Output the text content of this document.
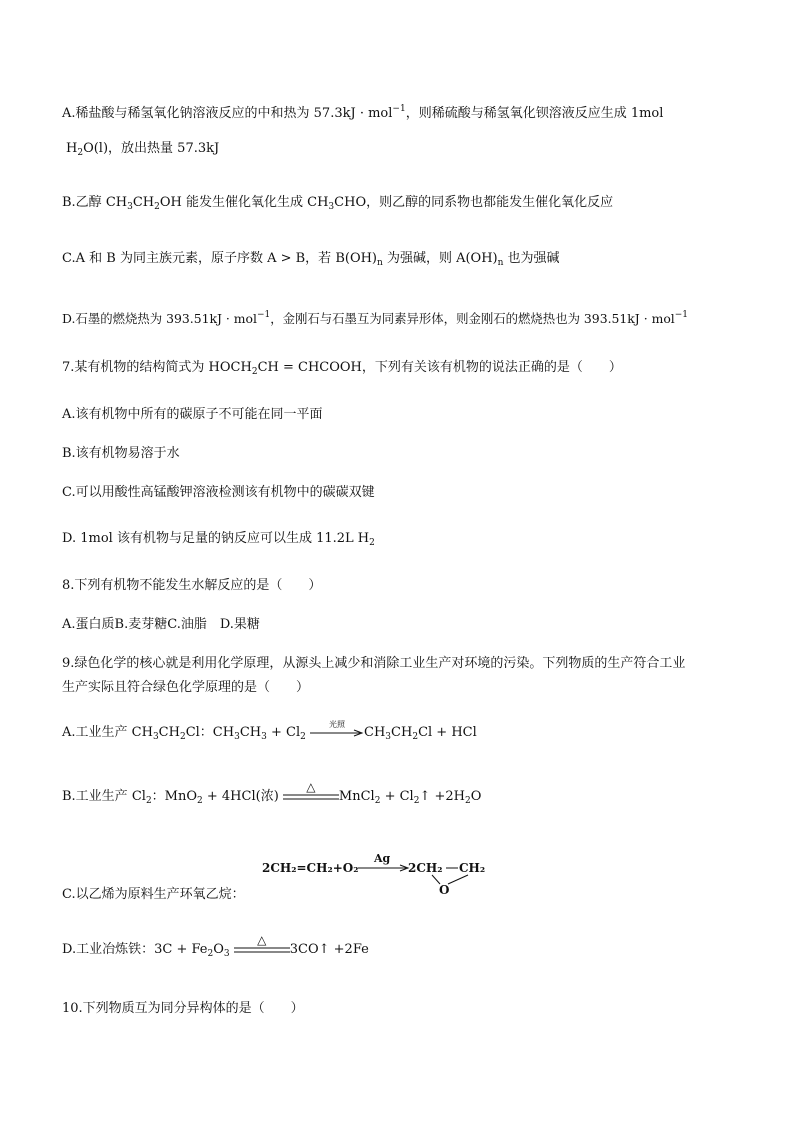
A.稀盐酸与稀氢氧化钠溶液反应的中和热为 57.3kJ · mol$^{-1}$，则稀硫酸与稀氢氧化钡溶液反应生成 1mol
$H_2O(l)$，放出热量 57.3kJ
B.乙醇 $CH_3CH_2OH$ 能发生催化氧化生成 $CH_3CHO$，则乙醇的同系物也都能发生催化氧化反应
C.A 和 B 为同主族元素，原子序数 A > B，若 $B(OH)_n$ 为强碱，则 $A(OH)_n$ 也为强碱
D.石墨的燃烧热为 393.51kJ · mol$^{-1}$，金刚石与石墨互为同素异形体，则金刚石的燃烧热也为 393.51kJ · mol$^{-1}$
7.某有机物的结构简式为 $HOCH_2CH$ = CHCOOH，下列有关该有机物的说法正确的是（　　）
A.该有机物中所有的碳原子不可能在同一平面
B.该有机物易溶于水
C.可以用酸性高锰酸钾溶液检测该有机物中的碳碳双键
D. 1mol 该有机物与足量的钠反应可以生成 11.2L $H_2$
8.下列有机物不能发生水解反应的是（　　）
A.蛋白质B.麦芽糖C.油脂　D.果糖
9.绿色化学的核心就是利用化学原理，从源头上减少和消除工业生产对环境的污染。下列物质的生产符合工业
生产实际且符合绿色化学原理的是（　　）
A.工业生产 $CH_3CH_2Cl$：$CH_3CH_3 + Cl_2$
光照
$CH_3CH_2Cl$ + HCl
B.工业生产 $Cl_2$：MnO$_2$ + 4HCl(浓)
△
MnCl$_2$ + $Cl_2↑ +2H_2O$
2CH₂=CH₂+O₂
Ag
2CH₂ CH₂
O
C.以乙烯为原料生产环氧乙烷：
D.工业冶炼铁：$3C + Fe_2O_3$
△
3CO↑ +2Fe
10.下列物质互为同分异构体的是（　　）
